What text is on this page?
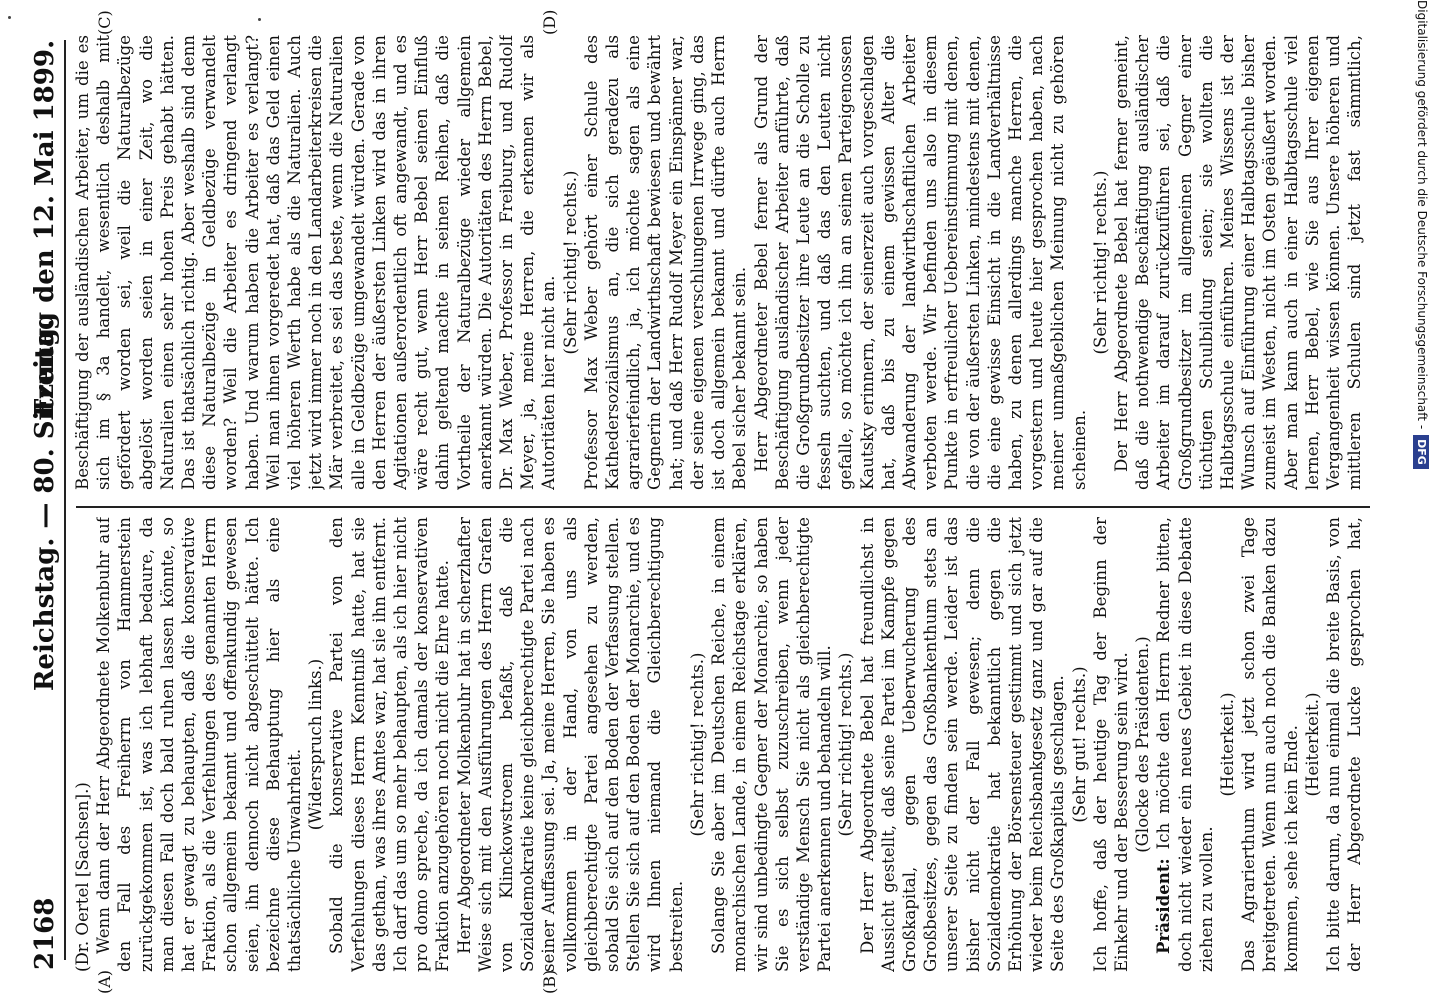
2168
Reichstag. — 80. Sitzung.
Freitag den 12. Mai 1899.
(A)	(B)
(C)	(D)

(Dr. Oertel [Sachsen].) Wenn dann der Herr Abgeordnete Molkenbuhr auf den Fall des Freiherrn von Hammerstein zurückgekommen ist, was ich lebhaft bedaure, da man diesen Fall doch bald ruhen lassen könnte, so hat er gewagt zu behaupten, daß die konservative Fraktion, als die Verfehlungen des genannten Herrn schon allgemein bekannt und offenkundig gewesen seien, ihn dennoch nicht abgeschüttelt hätte. Ich bezeichne diese Behauptung hier als eine thatsächliche Unwahrheit.

(Widerspruch links.) Sobald die konservative Partei von den Verfehlungen dieses Herrn Kenntniß hatte, hat sie das gethan, was ihres Amtes war, hat sie ihn entfernt. Ich darf das um so mehr behaupten, als ich hier nicht pro domo spreche, da ich damals der konservativen Fraktion anzugehören noch nicht die Ehre hatte. Herr Abgeordneter Molkenbuhr hat in scherzhafter Weise sich mit den Ausführungen des Herrn Grafen von Klinckowstroem befaßt, daß die Sozialdemokratie keine gleichberechtigte Partei nach seiner Auffassung sei. Ja, meine Herren, Sie haben es vollkommen in der Hand, von uns als gleichberechtigte Partei angesehen zu werden, sobald Sie sich auf den Boden der Verfassung stellen. Stellen Sie sich auf den Boden der Monarchie, und es wird Ihnen niemand die Gleichberechtigung bestreiten.

(Sehr richtig! rechts.) Solange Sie aber im Deutschen Reiche, in einem monarchischen Lande, in einem Reichstage erklären, wir sind unbedingte Gegner der Monarchie, so haben Sie es sich selbst zuzuschreiben, wenn jeder verständige Mensch Sie nicht als gleichberechtigte Partei anerkennen und behandeln will. (Sehr richtig! rechts.) Der Herr Abgeordnete Bebel hat freundlichst in Aussicht gestellt, daß seine Partei im Kampfe gegen Großkapital, gegen Ueberwucherung des Großbesitzes, gegen das Großbankenthum stets an unserer Seite zu finden sein werde. Leider ist das bisher nicht der Fall gewesen; denn die Sozialdemokratie hat bekanntlich gegen die Erhöhung der Börsensteuer gestimmt und sich jetzt wieder beim Reichsbankgesetz ganz und gar auf die Seite des Großkapitals geschlagen. (Sehr gut! rechts.) Ich hoffe, daß der heutige Tag der Beginn der Einkehr und der Besserung sein wird. (Glocke des Präsidenten.)

Präsident: Ich möchte den Herrn Redner bitten, doch nicht wieder ein neues Gebiet in diese Debatte ziehen zu wollen.

(Heiterkeit.) Das Agrarierthum wird jetzt schon zwei Tage breitgetreten. Wenn nun auch noch die Banken dazu kommen, sehe ich kein Ende. (Heiterkeit.)

Ich bitte darum, da nun einmal die breite Basis, von der Herr Abgeordnete Lucke gesprochen hat,

Beschäftigung der ausländischen Arbeiter, um die es sich im § 3a handelt, wesentlich deshalb mit gefördert worden sei, weil die Naturalbezüge abgelöst worden seien in einer Zeit, wo die Naturalien einen sehr hohen Preis gehabt hätten. Das ist thatsächlich richtig. Aber weshalb sind denn diese Naturalbezüge in Geldbezüge verwandelt worden? Weil die Arbeiter es dringend verlangt haben. Und warum haben die Arbeiter es verlangt? Weil man ihnen vorgeredet hat, daß das Geld einen viel höheren Werth habe als die Naturalien. Auch jetzt wird immer noch in den Landarbeiterkreisen die Mär verbreitet, es sei das beste, wenn die Naturalien alle in Geldbezüge umgewandelt würden. Gerade von den Herren der äußersten Linken wird das in ihren Agitationen außerordentlich oft angewandt, und es wäre recht gut, wenn Herr Bebel seinen Einfluß dahin geltend machte in seinen Reihen, daß die Vortheile der Naturalbezüge wieder allgemein anerkannt würden. Die Autoritäten des Herrn Bebel, Dr. Max Weber, Professor in Freiburg, und Rudolf Meyer, ja, meine Herren, die erkennen wir als Autoritäten hier nicht an.

(Sehr richtig! rechts.) Professor Max Weber gehört einer Schule des Kathedersozialismus an, die sich geradezu als agrarierfeindlich, ja, ich möchte sagen als eine Gegnerin der Landwirthschaft bewiesen und bewährt hat; und daß Herr Rudolf Meyer ein Einspänner war, der seine eigenen verschlungenen Irrwege ging, das ist doch allgemein bekannt und dürfte auch Herrn Bebel sicher bekannt sein. Herr Abgeordneter Bebel ferner als Grund der Beschäftigung ausländischer Arbeiter anführte, daß die Großgrundbesitzer ihre Leute an die Scholle zu fesseln suchten, und daß das den Leuten nicht gefalle, so möchte ich ihn an seinen Parteigenossen Kautsky erinnern, der seinerzeit auch vorgeschlagen hat, daß bis zu einem gewissen Alter die Abwanderung der landwirthschaftlichen Arbeiter verboten werde. Wir befinden uns also in diesem Punkte in erfreulicher Uebereinstimmung mit denen, die von der äußersten Linken, mindestens mit denen, die eine gewisse Einsicht in die Landverhältnisse haben, zu denen allerdings manche Herren, die vorgestern und heute hier gesprochen haben, nach meiner unmaßgeblichen Meinung nicht zu gehören scheinen.

(Sehr richtig! rechts.)

Der Herr Abgeordnete Bebel hat ferner gemeint, daß die nothwendige Beschäftigung ausländischer Arbeiter im darauf zurückzuführen sei, daß die Großgrundbesitzer im allgemeinen Gegner einer tüchtigen Schulbildung seien; sie wollten die Halbtagsschule einführen. Meines Wissens ist der Wunsch auf Einführung einer Halbtagsschule bisher zumeist im Westen, nicht im Osten geäußert worden. Aber man kann auch in einer Halbtagsschule viel lernen, Herr Bebel, wie Sie aus Ihrer eigenen Vergangenheit wissen können. Unsere höheren und mittleren Schulen sind jetzt fast sämmtlich,	Digitalisierung gefördert durch die Deutsche Forschungsgemeinschaft -DFG
